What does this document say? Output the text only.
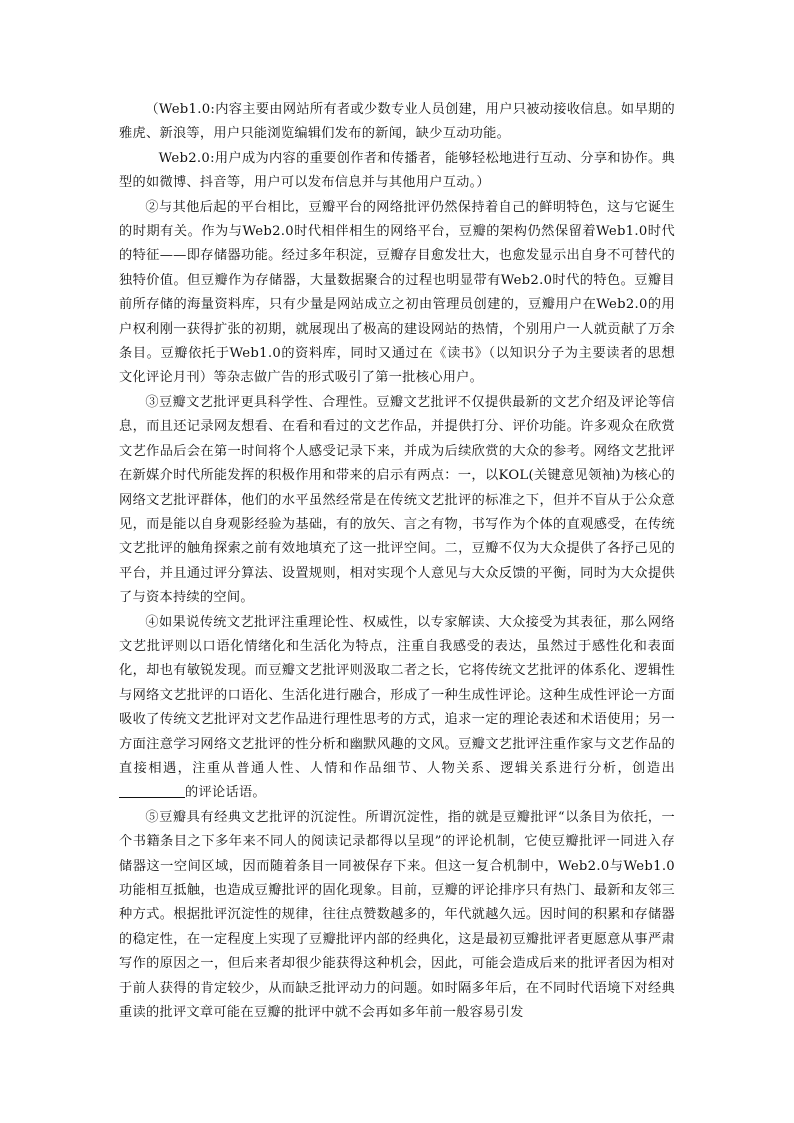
（Web1.0:内容主要由网站所有者或少数专业人员创建，用户只被动接收信息。如早期的雅虎、新浪等，用户只能浏览编辑们发布的新闻，缺少互动功能。

Web2.0:用户成为内容的重要创作者和传播者，能够轻松地进行互动、分享和协作。典型的如微博、抖音等，用户可以发布信息并与其他用户互动。）

②与其他后起的平台相比，豆瓣平台的网络批评仍然保持着自己的鲜明特色，这与它诞生的时期有关。作为与Web2.0时代相伴相生的网络平台，豆瓣的架构仍然保留着Web1.0时代的特征——即存储器功能。经过多年积淀，豆瓣存目愈发壮大，也愈发显示出自身不可替代的独特价值。但豆瓣作为存储器，大量数据聚合的过程也明显带有Web2.0时代的特色。豆瓣目前所存储的海量资料库，只有少量是网站成立之初由管理员创建的，豆瓣用户在Web2.0的用户权利刚一获得扩张的初期，就展现出了极高的建设网站的热情，个别用户一人就贡献了万余条目。豆瓣依托于Web1.0的资料库，同时又通过在《读书》（以知识分子为主要读者的思想文化评论月刊）等杂志做广告的形式吸引了第一批核心用户。

③豆瓣文艺批评更具科学性、合理性。豆瓣文艺批评不仅提供最新的文艺介绍及评论等信息，而且还记录网友想看、在看和看过的文艺作品，并提供打分、评价功能。许多观众在欣赏文艺作品后会在第一时间将个人感受记录下来，并成为后续欣赏的大众的参考。网络文艺批评在新媒介时代所能发挥的积极作用和带来的启示有两点：一，以KOL(关键意见领袖)为核心的网络文艺批评群体，他们的水平虽然经常是在传统文艺批评的标准之下，但并不盲从于公众意见，而是能以自身观影经验为基础，有的放矢、言之有物，书写作为个体的直观感受，在传统文艺批评的触角探索之前有效地填充了这一批评空间。二，豆瓣不仅为大众提供了各抒己见的平台，并且通过评分算法、设置规则，相对实现个人意见与大众反馈的平衡，同时为大众提供了与资本持续的空间。

④如果说传统文艺批评注重理论性、权威性，以专家解读、大众接受为其表征，那么网络文艺批评则以口语化情绪化和生活化为特点，注重自我感受的表达，虽然过于感性化和表面化，却也有敏锐发现。而豆瓣文艺批评则汲取二者之长，它将传统文艺批评的体系化、逻辑性与网络文艺批评的口语化、生活化进行融合，形成了一种生成性评论。这种生成性评论一方面吸收了传统文艺批评对文艺作品进行理性思考的方式，追求一定的理论表述和术语使用；另一方面注意学习网络文艺批评的性分析和幽默风趣的文风。豆瓣文艺批评注重作家与文艺作品的直接相遇，注重从普通人性、人情和作品细节、人物关系、逻辑关系进行分析，创造出的评论话语。

⑤豆瓣具有经典文艺批评的沉淀性。所谓沉淀性，指的就是豆瓣批评“以条目为依托，一个书籍条目之下多年来不同人的阅读记录都得以呈现”的评论机制，它使豆瓣批评一同进入存储器这一空间区域，因而随着条目一同被保存下来。但这一复合机制中，Web2.0与Web1.0功能相互抵触，也造成豆瓣批评的固化现象。目前，豆瓣的评论排序只有热门、最新和友邻三种方式。根据批评沉淀性的规律，往往点赞数越多的，年代就越久远。因时间的积累和存储器的稳定性，在一定程度上实现了豆瓣批评内部的经典化，这是最初豆瓣批评者更愿意从事严肃写作的原因之一，但后来者却很少能获得这种机会，因此，可能会造成后来的批评者因为相对于前人获得的肯定较少，从而缺乏批评动力的问题。如时隔多年后，在不同时代语境下对经典重读的批评文章可能在豆瓣的批评中就不会再如多年前一般容易引发
